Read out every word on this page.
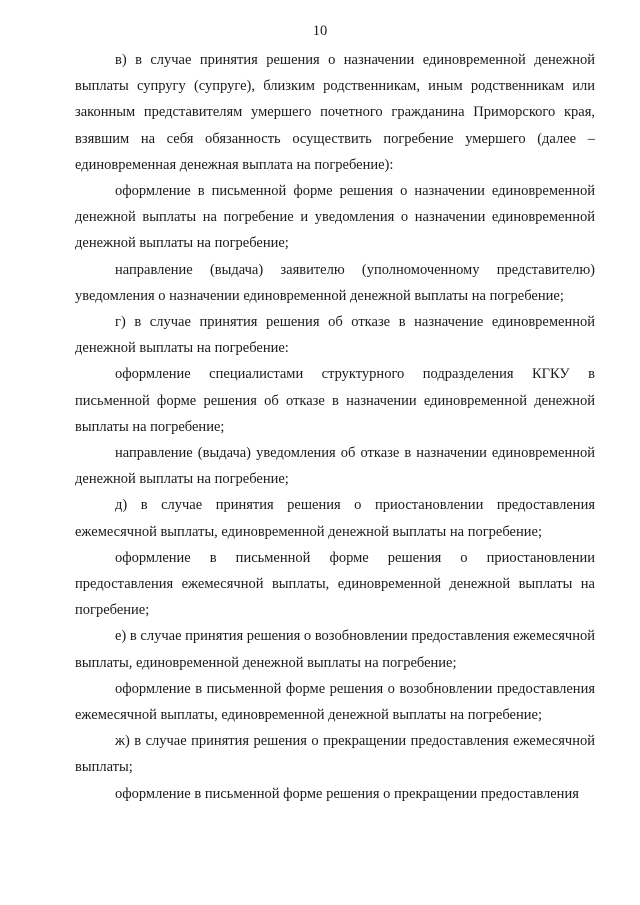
10

в) в случае принятия решения о назначении единовременной денежной выплаты супругу (супруге), близким родственникам, иным родственникам или законным представителям умершего почетного гражданина Приморского края, взявшим на себя обязанность осуществить погребение умершего (далее – единовременная денежная выплата на погребение):

оформление в письменной форме решения о назначении единовременной денежной выплаты на погребение и уведомления о назначении единовременной денежной выплаты на погребение;

направление (выдача) заявителю (уполномоченному представителю) уведомления о назначении единовременной денежной выплаты на погребение;

г) в случае принятия решения об отказе в назначение единовременной денежной выплаты на погребение:

оформление специалистами структурного подразделения КГКУ в письменной форме решения об отказе в назначении единовременной денежной выплаты на погребение;

направление (выдача) уведомления об отказе в назначении единовременной денежной выплаты на погребение;

д) в случае принятия решения о приостановлении предоставления ежемесячной выплаты, единовременной денежной выплаты на погребение;

оформление в письменной форме решения о приостановлении предоставления ежемесячной выплаты, единовременной денежной выплаты на погребение;

е) в случае принятия решения о возобновлении предоставления ежемесячной выплаты, единовременной денежной выплаты на погребение;

оформление в письменной форме решения о возобновлении предоставления ежемесячной выплаты, единовременной денежной выплаты на погребение;

ж) в случае принятия решения о прекращении предоставления ежемесячной выплаты;

оформление в письменной форме решения о прекращении предоставления
